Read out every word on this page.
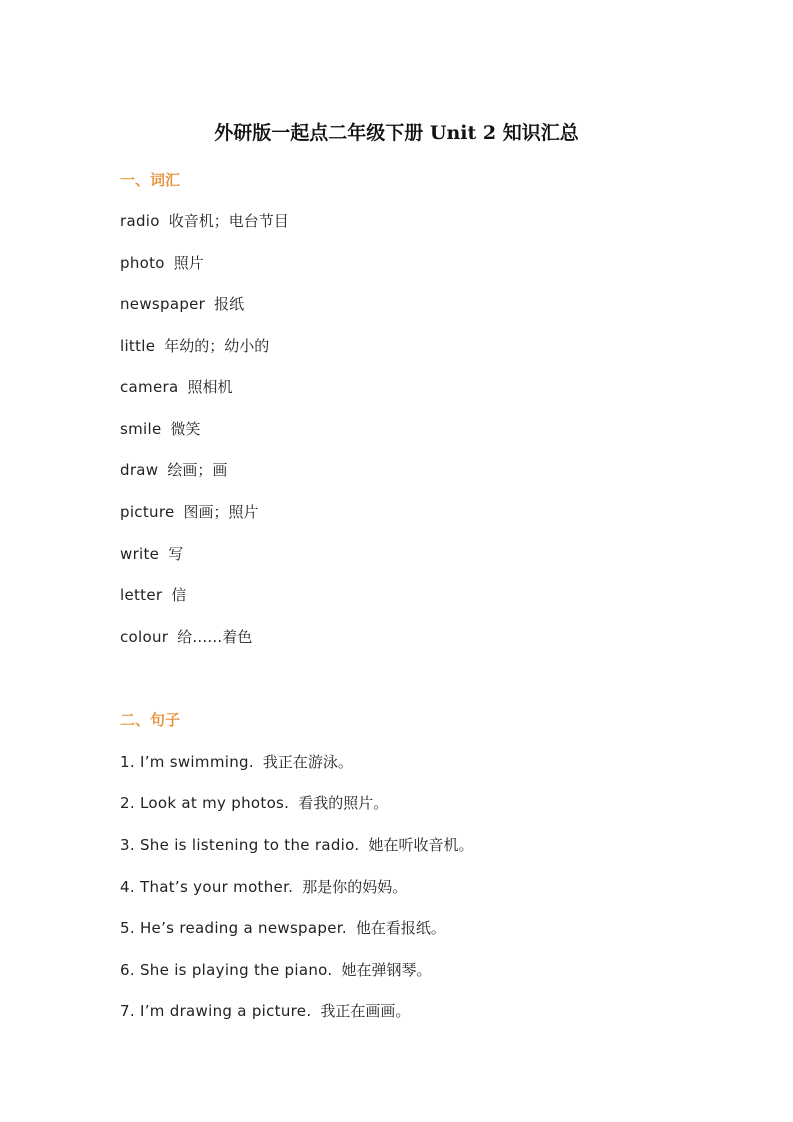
外研版一起点二年级下册 Unit 2 知识汇总
一、词汇
radio 收音机；电台节目
photo 照片
newspaper 报纸
little 年幼的；幼小的
camera 照相机
smile 微笑
draw 绘画；画
picture 图画；照片
write 写
letter 信
colour 给……着色
二、句子
1. I’m swimming. 我正在游泳。
2. Look at my photos. 看我的照片。
3. She is listening to the radio. 她在听收音机。
4. That’s your mother. 那是你的妈妈。
5. He’s reading a newspaper. 他在看报纸。
6. She is playing the piano. 她在弹钢琴。
7. I’m drawing a picture. 我正在画画。
